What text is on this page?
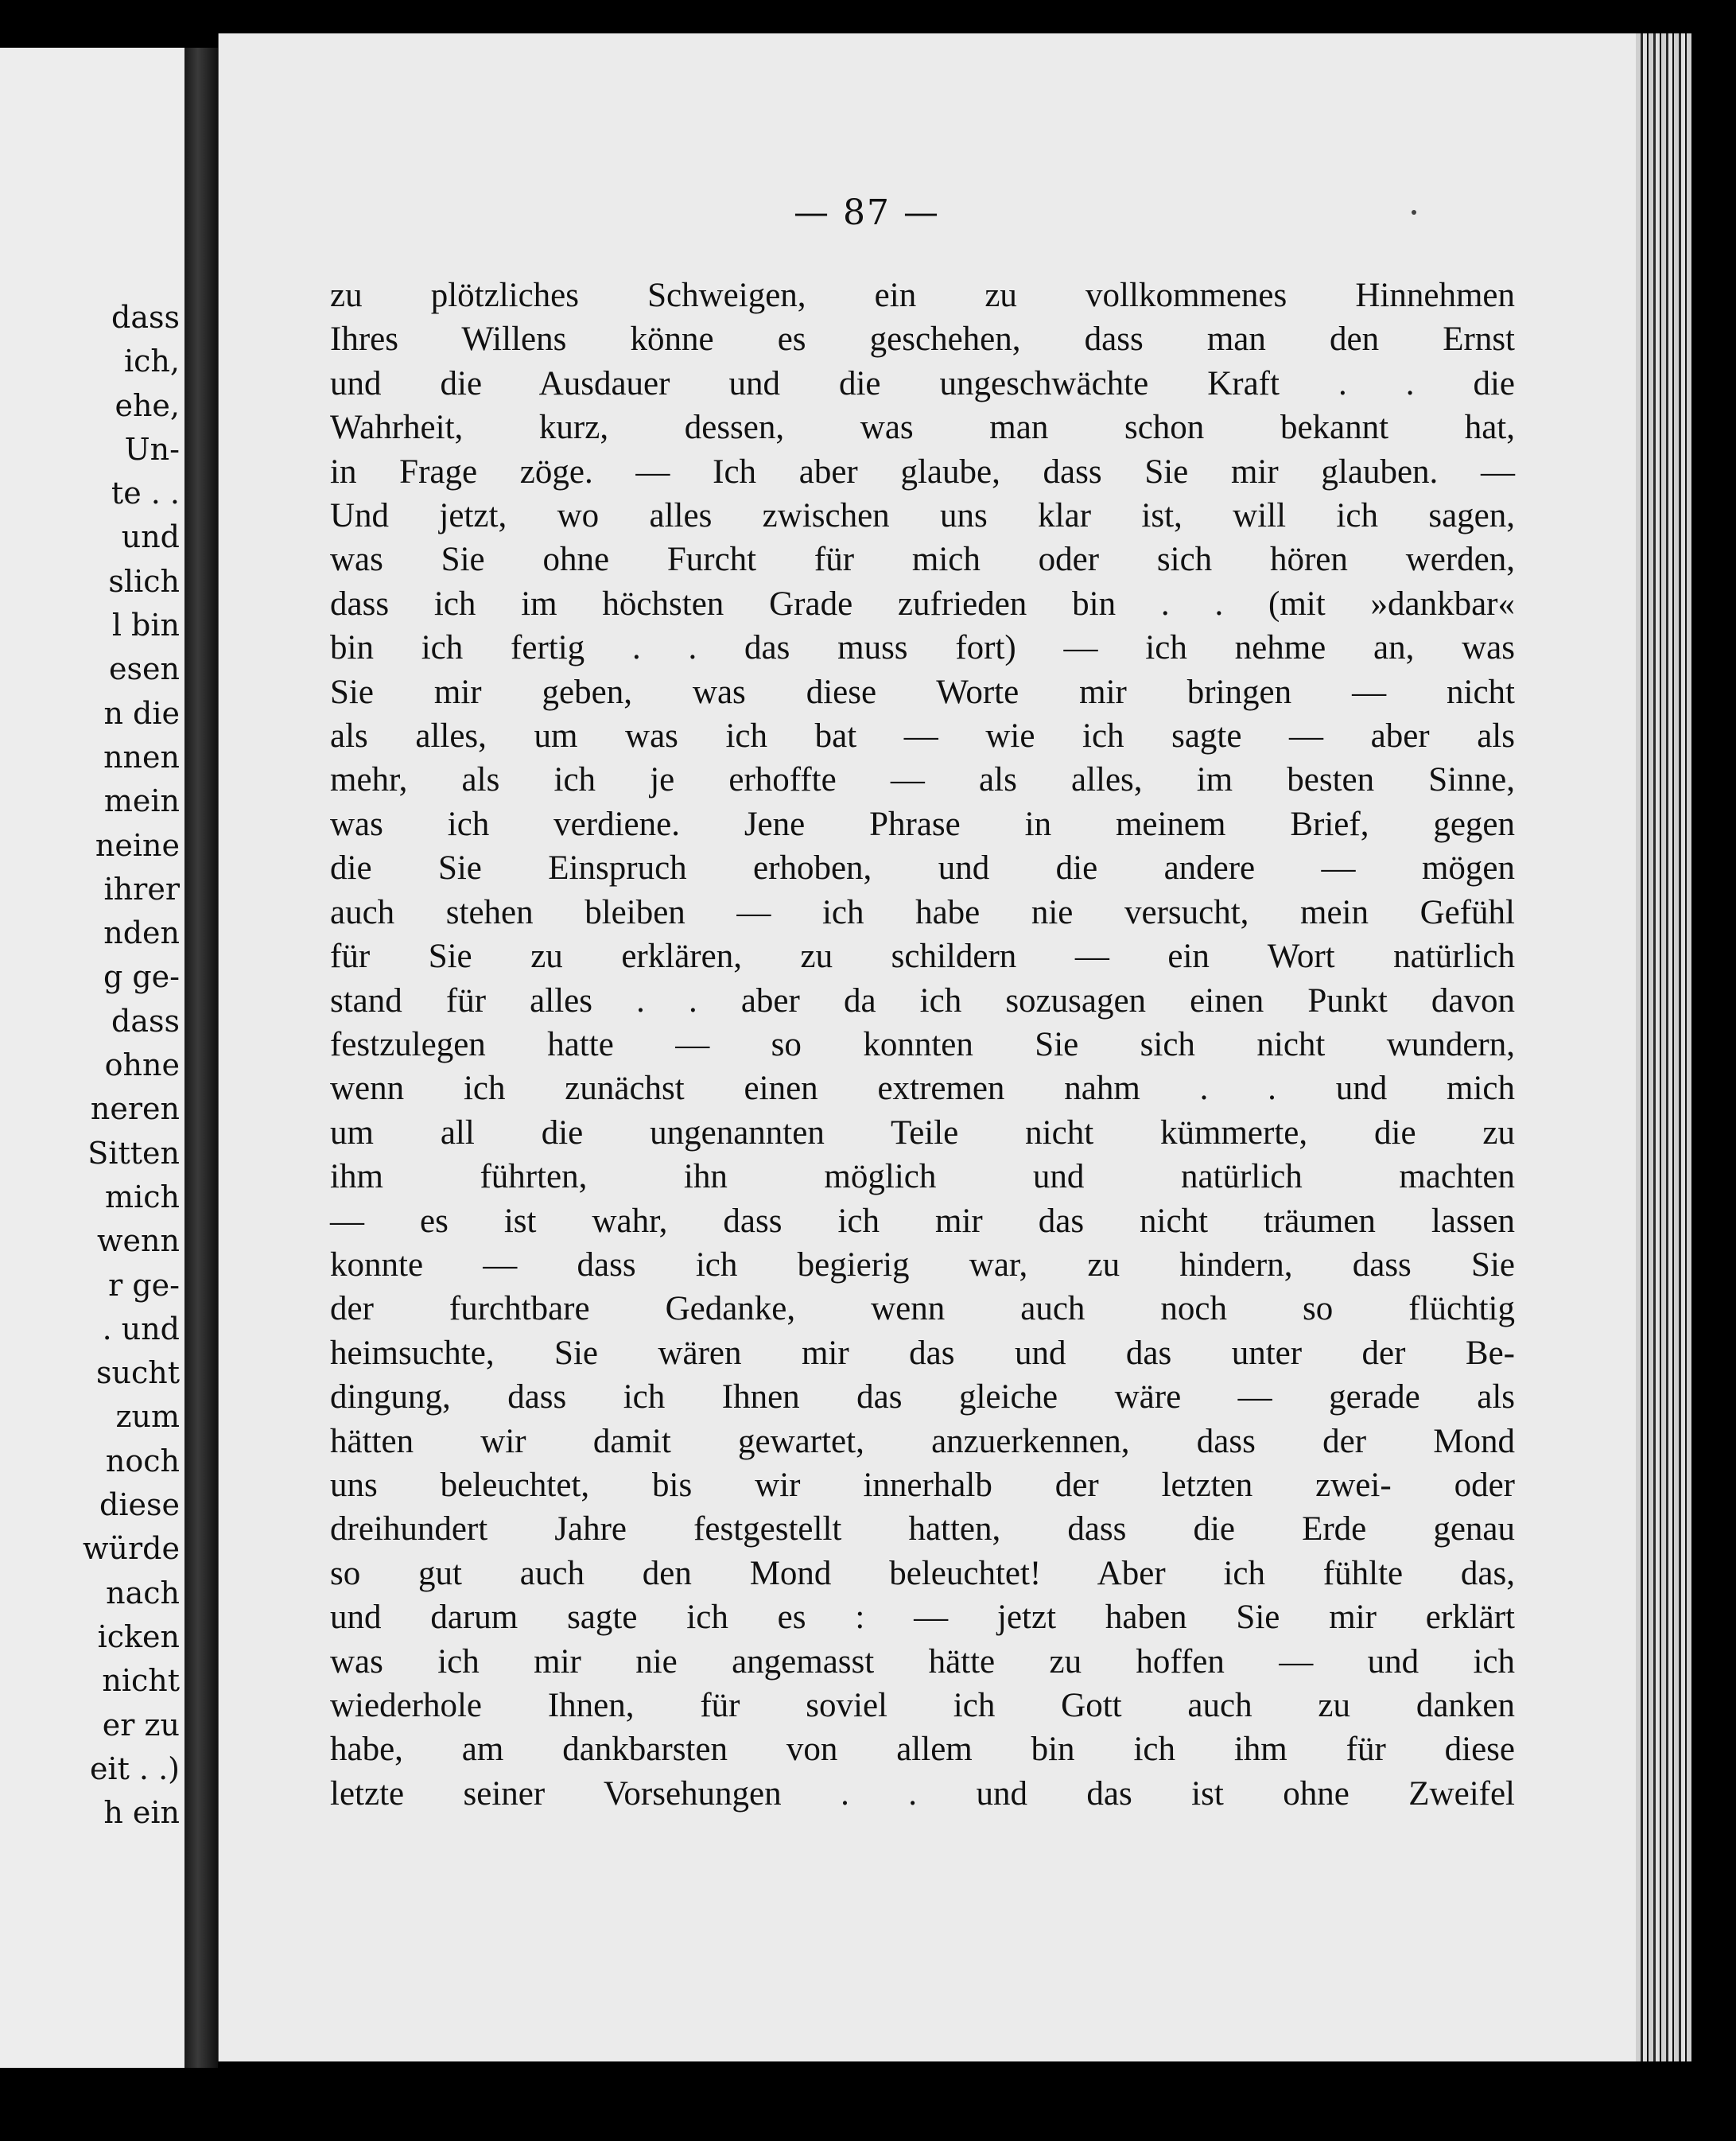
dass
ich,
ehe,
Un-
te . .
und
slich
l bin
esen
n die
nnen
mein
neine
ihrer
nden
g ge-
dass
ohne
neren
Sitten
mich
wenn
r ge-
. und
sucht
zum
noch
diese
würde
nach
icken
nicht
er zu
eit . .)
h ein
— 87 —
zu plötzliches Schweigen, ein zu vollkommenes Hinnehmen
Ihres Willens könne es geschehen, dass man den Ernst
und die Ausdauer und die ungeschwächte Kraft . . die
Wahrheit, kurz, dessen, was man schon bekannt hat,
in Frage zöge. — Ich aber glaube, dass Sie mir glauben. —
Und jetzt, wo alles zwischen uns klar ist, will ich sagen,
was Sie ohne Furcht für mich oder sich hören werden,
dass ich im höchsten Grade zufrieden bin . . (mit »dankbar«
bin ich fertig . . das muss fort) — ich nehme an, was
Sie mir geben, was diese Worte mir bringen — nicht
als alles, um was ich bat — wie ich sagte — aber als
mehr, als ich je erhoffte — als alles, im besten Sinne,
was ich verdiene. Jene Phrase in meinem Brief, gegen
die Sie Einspruch erhoben, und die andere — mögen
auch stehen bleiben — ich habe nie versucht, mein Gefühl
für Sie zu erklären, zu schildern — ein Wort natürlich
stand für alles . . aber da ich sozusagen einen Punkt davon
festzulegen hatte — so konnten Sie sich nicht wundern,
wenn ich zunächst einen extremen nahm . . und mich
um all die ungenannten Teile nicht kümmerte, die zu
ihm führten, ihn möglich und natürlich machten
— es ist wahr, dass ich mir das nicht träumen lassen
konnte — dass ich begierig war, zu hindern, dass Sie
der furchtbare Gedanke, wenn auch noch so flüchtig
heimsuchte, Sie wären mir das und das unter der Be-
dingung, dass ich Ihnen das gleiche wäre — gerade als
hätten wir damit gewartet, anzuerkennen, dass der Mond
uns beleuchtet, bis wir innerhalb der letzten zwei- oder
dreihundert Jahre festgestellt hatten, dass die Erde genau
so gut auch den Mond beleuchtet! Aber ich fühlte das,
und darum sagte ich es : — jetzt haben Sie mir erklärt
was ich mir nie angemasst hätte zu hoffen — und ich
wiederhole Ihnen, für soviel ich Gott auch zu danken
habe, am dankbarsten von allem bin ich ihm für diese
letzte seiner Vorsehungen . . und das ist ohne Zweifel
